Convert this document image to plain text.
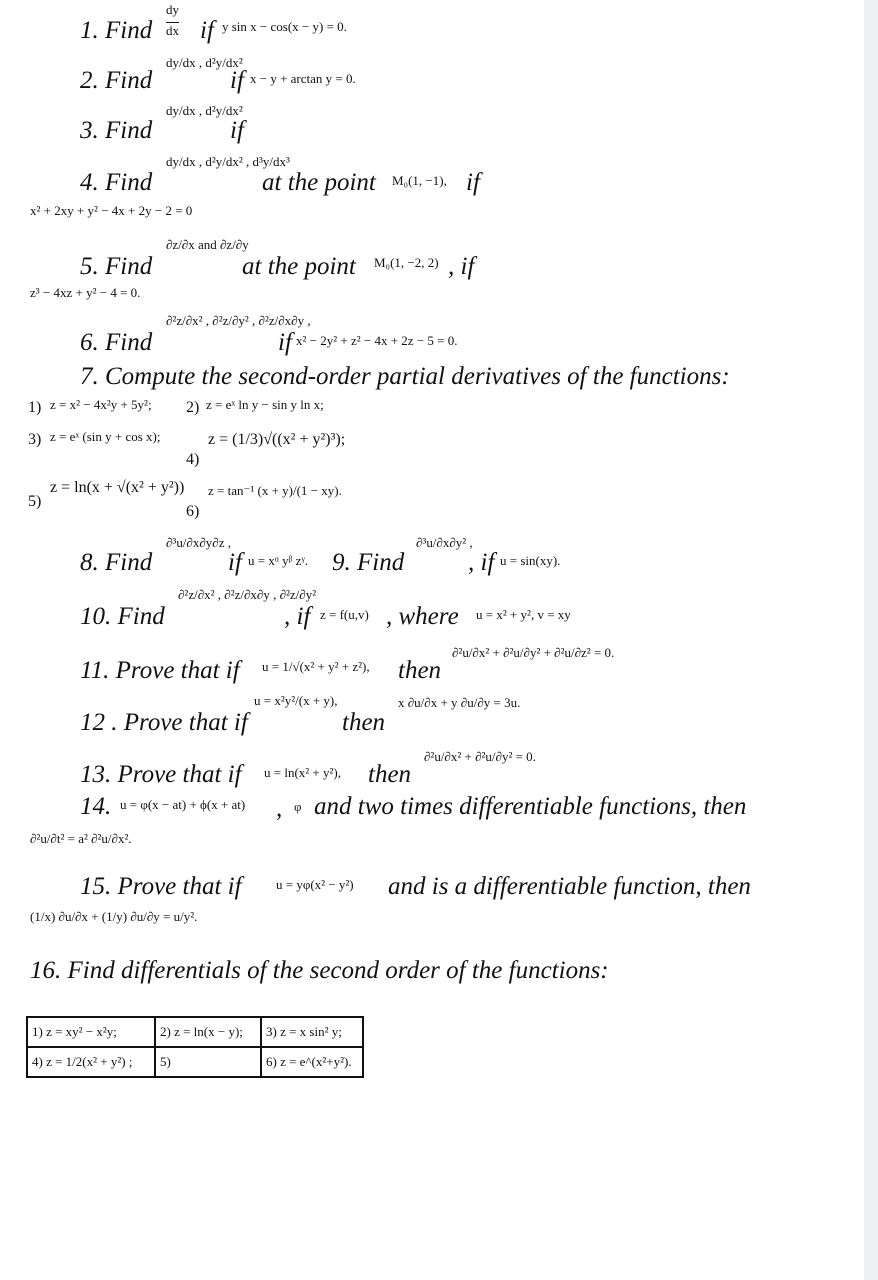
1. Find
dy
dx if y sin x − cos(x − y) = 0.
2. Find
dy/dx , d²y/dx²
if x − y + arctan y = 0.
3. Find
dy/dx , d²y/dx²
if
4. Find
dy/dx , d²y/dx² , d³y/dx³
at the point M₀(1, −1), if
x² + 2xy + y² − 4x + 2y − 2 = 0
5. Find
∂z/∂x and ∂z/∂y
at the point M₀(1, −2, 2) , if
z³ − 4xz + y² − 4 = 0.
6. Find
∂²z/∂x² , ∂²z/∂y² , ∂²z/∂x∂y ,
if x² − 2y² + z² − 4x + 2z − 5 = 0.
7. Compute the second-order partial derivatives of the functions:
1) z = x² − 4x²y + 5y²; 2) z = eˣ ln y − sin y ln x;
3) z = eˣ (sin y + cos x);
4)
z = (1/3)√((x² + y²)³);
5)
z = ln(x + √(x² + y²))
6)
z = tan⁻¹ (x + y)/(1 − xy).
8. Find
∂³u/∂x∂y∂z ,
if u = xᵅ yᵝ zᵞ. 9. Find
∂³u/∂x∂y² ,
, if u = sin(xy).
10. Find
∂²z/∂x² , ∂²z/∂x∂y , ∂²z/∂y²
, if z = f(u,v) , where u = x² + y², v = xy
11. Prove that if u = 1/√(x² + y² + z²), then
∂²u/∂x² + ∂²u/∂y² + ∂²u/∂z² = 0.
12 . Prove that if
u = x²y²/(x + y),
then
x ∂u/∂x + y ∂u/∂y = 3u.
13. Prove that if u = ln(x² + y²), then
∂²u/∂x² + ∂²u/∂y² = 0.
14. u = φ(x − at) + ϕ(x + at) , φ and two times differentiable functions, then
∂²u/∂t² = a² ∂²u/∂x².
15. Prove that if	u = yφ(x² − y²) and is a differentiable function, then
(1/x) ∂u/∂x + (1/y) ∂u/∂y = u/y².
16. Find differentials of the second order of the functions:
1) z = xy² − x²y;	2) z = ln(x − y);	3) z = x sin² y;
4) z = 1/2(x² + y²) ;	5)	6) z = e^(x²+y²).
